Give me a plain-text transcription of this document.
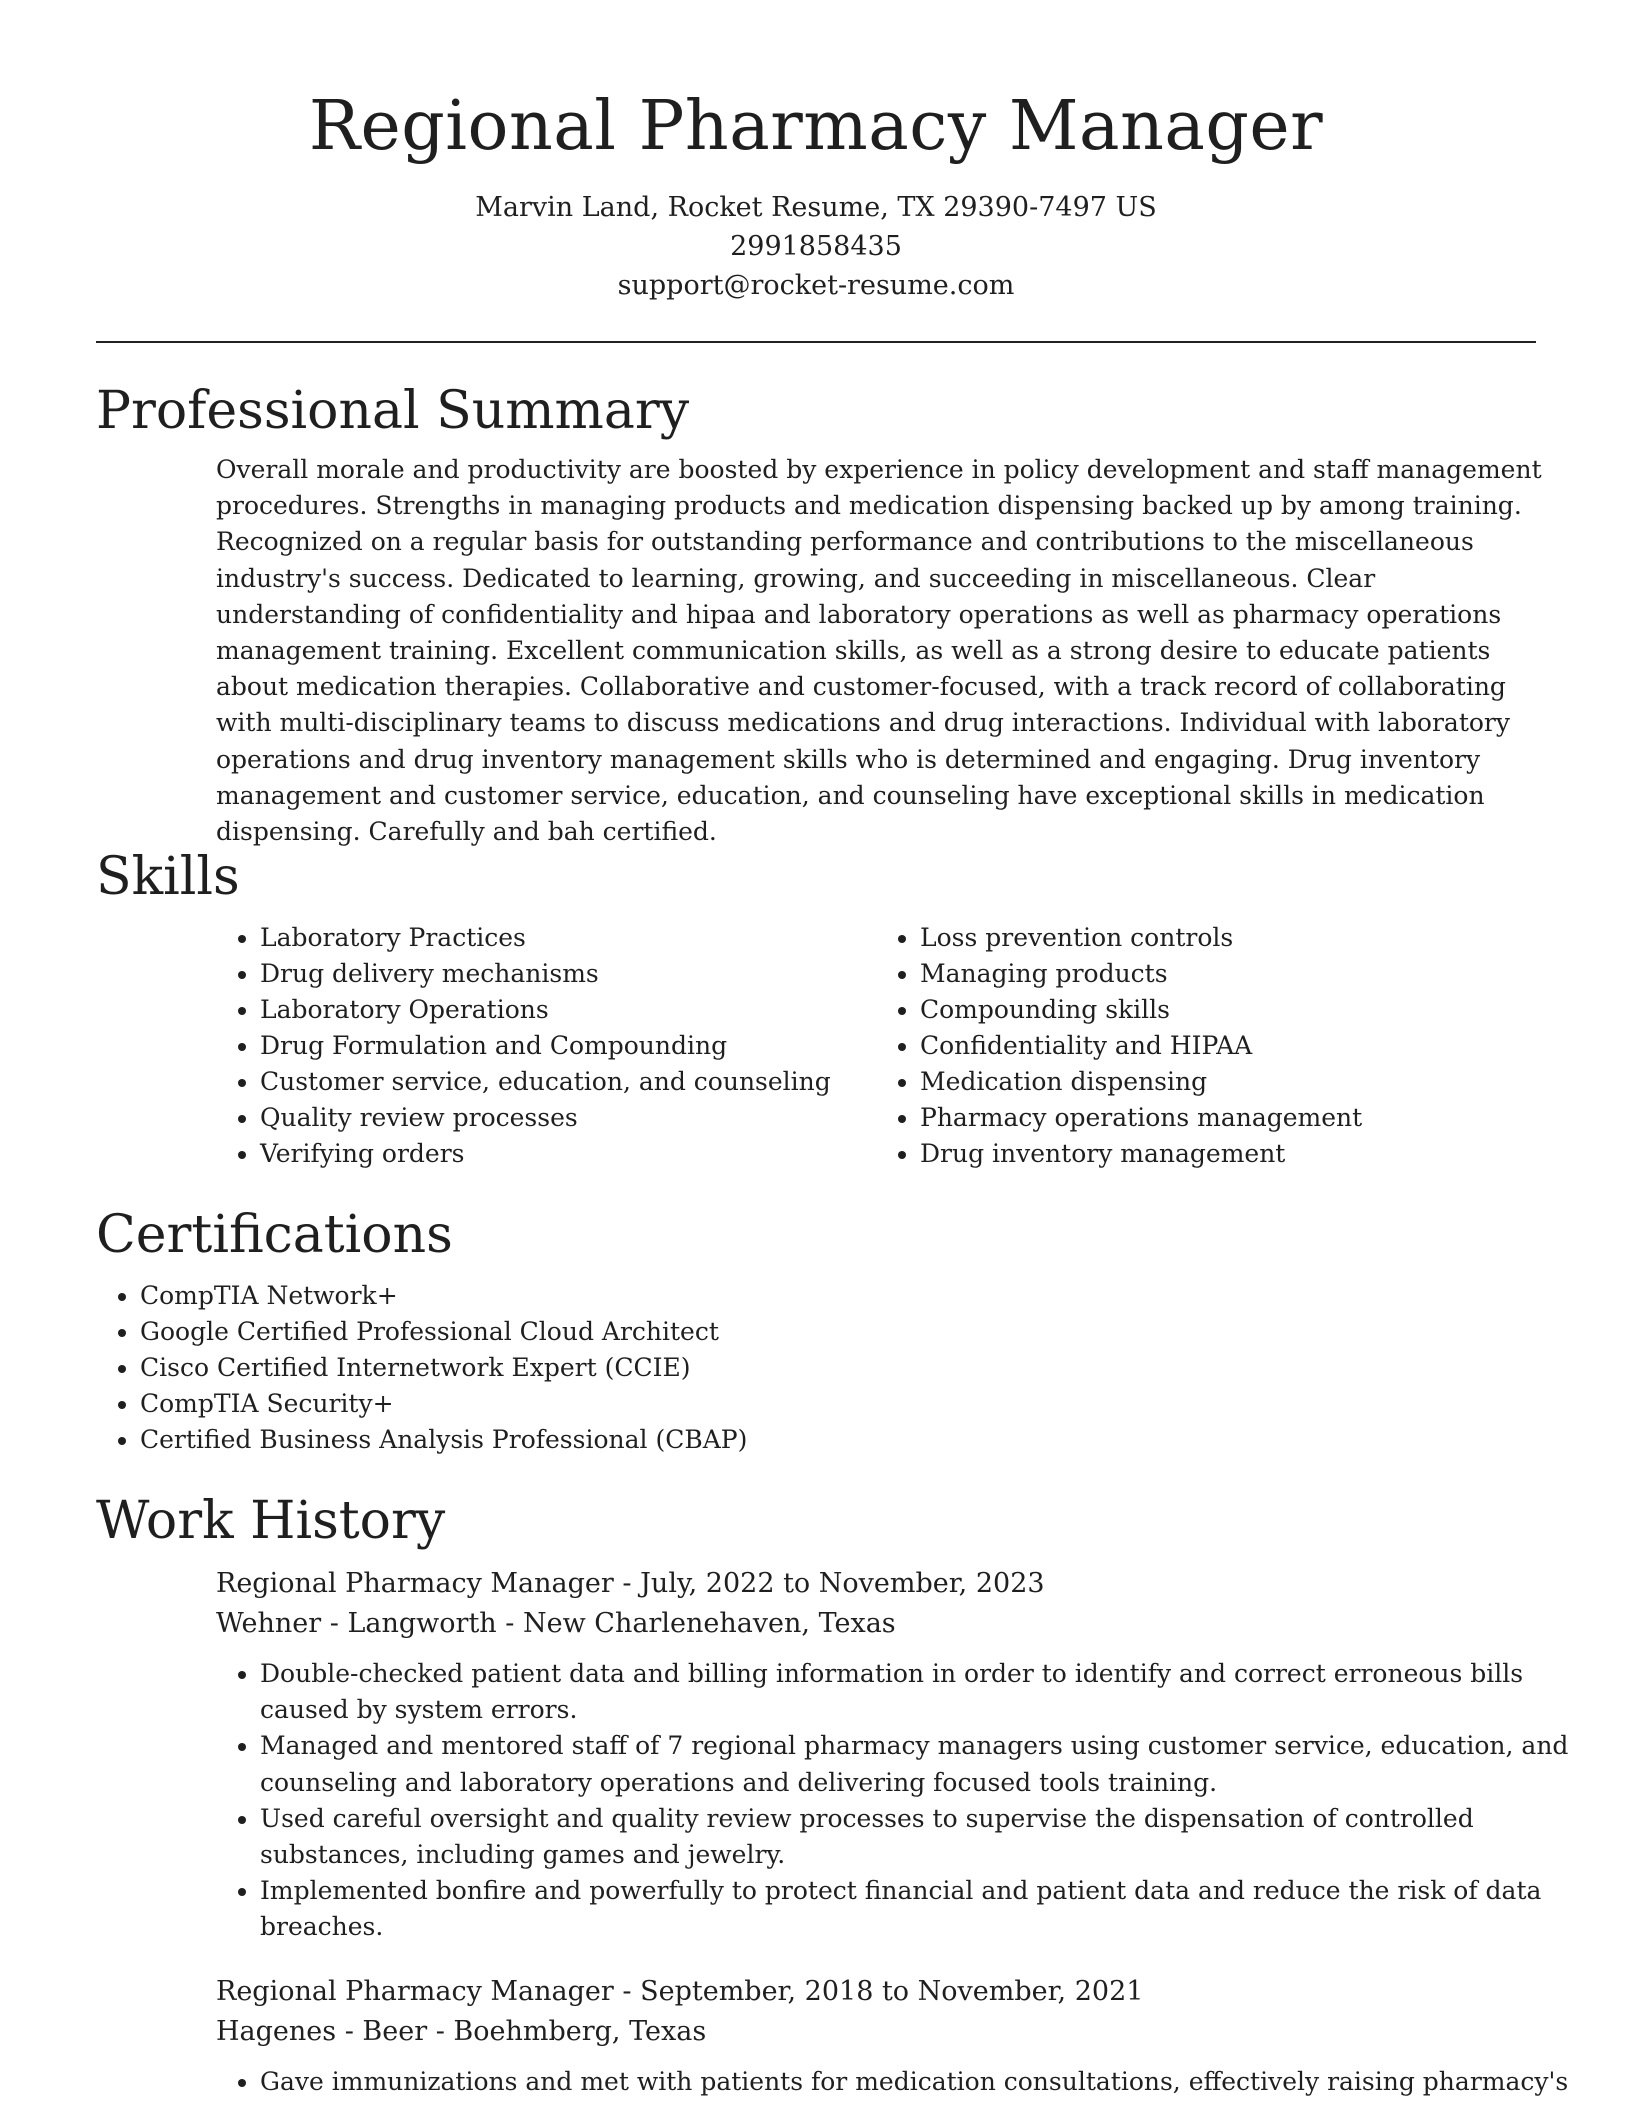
Regional Pharmacy Manager
Marvin Land, Rocket Resume, TX 29390-7497 US
2991858435
support@rocket-resume.com
Professional Summary
Overall morale and productivity are boosted by experience in policy development and staff management procedures. Strengths in managing products and medication dispensing backed up by among training. Recognized on a regular basis for outstanding performance and contributions to the miscellaneous industry's success. Dedicated to learning, growing, and succeeding in miscellaneous. Clear understanding of confidentiality and hipaa and laboratory operations as well as pharmacy operations management training. Excellent communication skills, as well as a strong desire to educate patients about medication therapies. Collaborative and customer-focused, with a track record of collaborating with multi-disciplinary teams to discuss medications and drug interactions. Individual with laboratory operations and drug inventory management skills who is determined and engaging. Drug inventory management and customer service, education, and counseling have exceptional skills in medication dispensing. Carefully and bah certified.
Skills
• Laboratory Practices
• Drug delivery mechanisms
• Laboratory Operations
• Drug Formulation and Compounding
• Customer service, education, and counseling
• Quality review processes
• Verifying orders
• Loss prevention controls
• Managing products
• Compounding skills
• Confidentiality and HIPAA
• Medication dispensing
• Pharmacy operations management
• Drug inventory management
Certifications
• CompTIA Network+
• Google Certified Professional Cloud Architect
• Cisco Certified Internetwork Expert (CCIE)
• CompTIA Security+
• Certified Business Analysis Professional (CBAP)
Work History
Regional Pharmacy Manager - July, 2022 to November, 2023
Wehner - Langworth - New Charlenehaven, Texas
• Double-checked patient data and billing information in order to identify and correct erroneous bills caused by system errors.
• Managed and mentored staff of 7 regional pharmacy managers using customer service, education, and counseling and laboratory operations and delivering focused tools training.
• Used careful oversight and quality review processes to supervise the dispensation of controlled substances, including games and jewelry.
• Implemented bonfire and powerfully to protect financial and patient data and reduce the risk of data breaches.
Regional Pharmacy Manager - September, 2018 to November, 2021
Hagenes - Beer - Boehmberg, Texas
• Gave immunizations and met with patients for medication consultations, effectively raising pharmacy's
